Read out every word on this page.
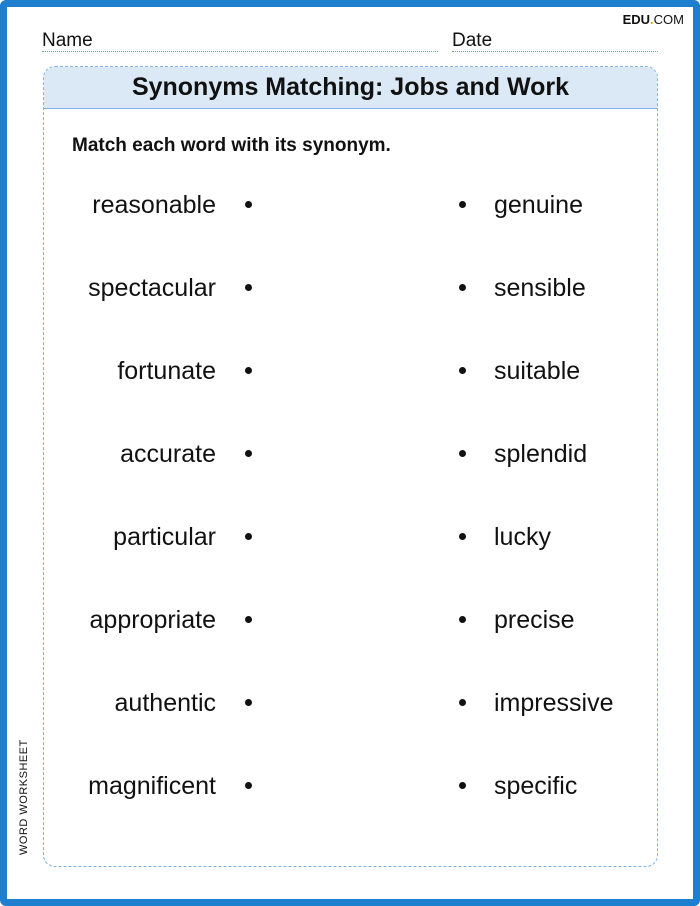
EDU.COM
Name	Date
Synonyms Matching: Jobs and Work
Match each word with its synonym.
reasonable	genuine
spectacular	sensible
fortunate	suitable
accurate	splendid
particular	lucky
appropriate	precise
authentic	impressive
magnificent	specific
WORD WORKSHEET
